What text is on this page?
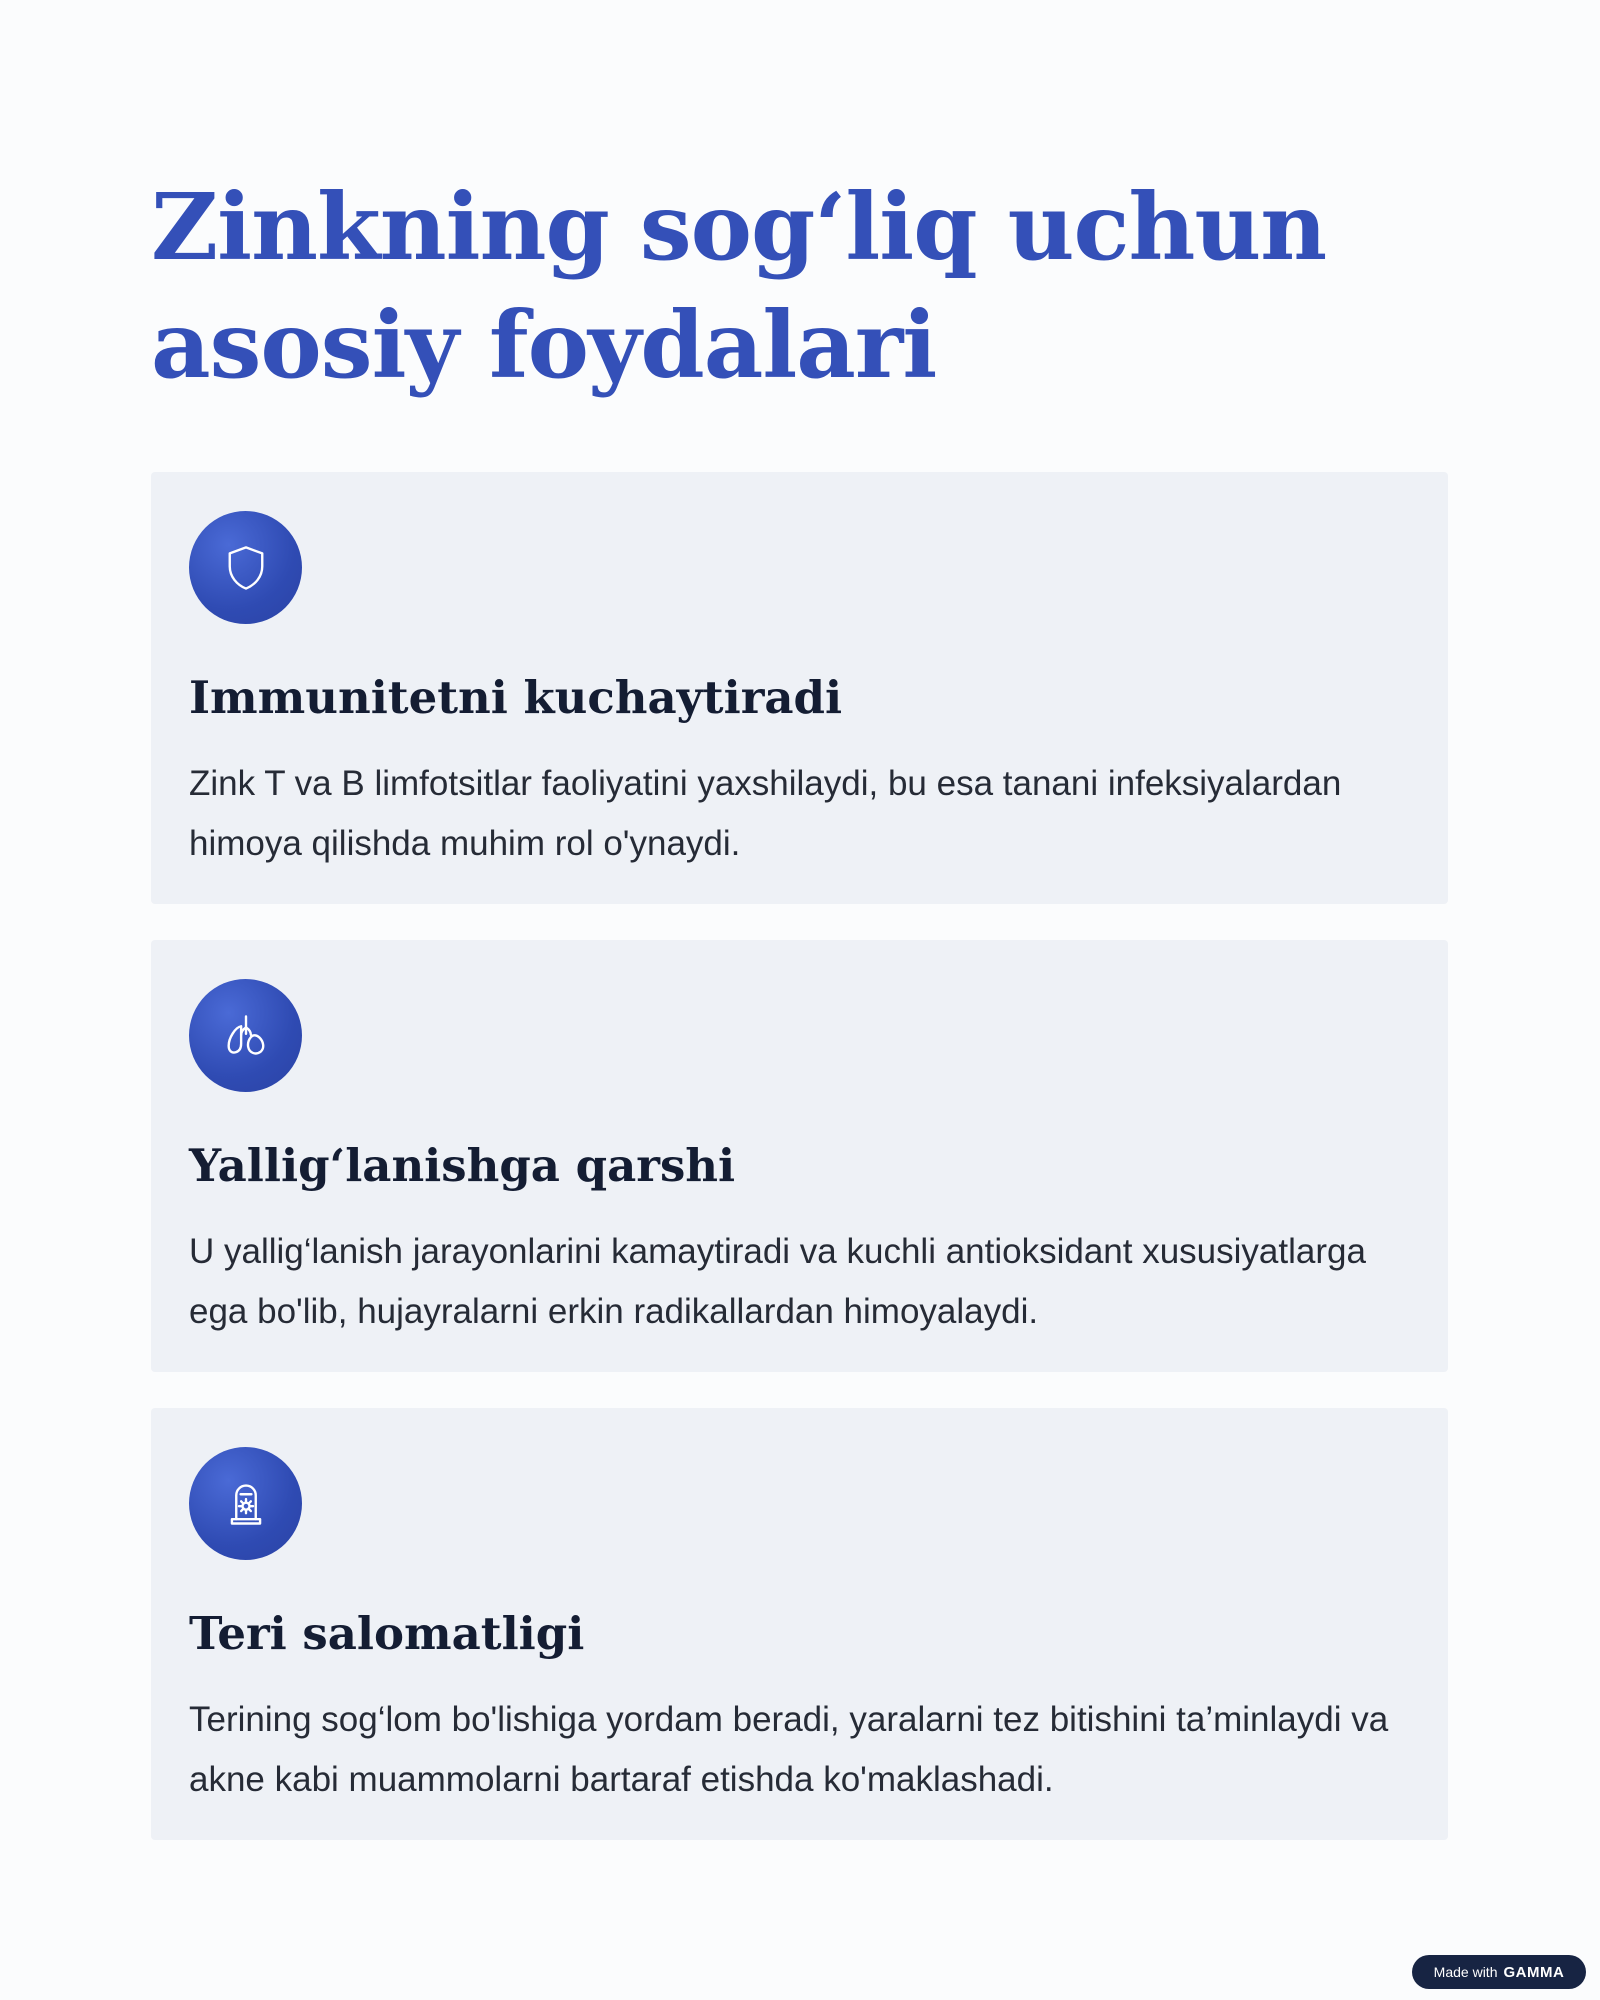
Zinkning sog‘liq uchun asosiy foydalari
Immunitetni kuchaytiradi

Zink T va B limfotsitlar faoliyatini yaxshilaydi, bu esa tanani infeksiyalardan himoya qilishda muhim rol o'ynaydi.

Yallig‘lanishga qarshi

U yallig‘lanish jarayonlarini kamaytiradi va kuchli antioksidant xususiyatlarga ega bo'lib, hujayralarni erkin radikallardan himoyalaydi.

Teri salomatligi

Terining sog‘lom bo'lishiga yordam beradi, yaralarni tez bitishini ta’minlaydi va akne kabi muammolarni bartaraf etishda ko'maklashadi.

Made with GAMMA
